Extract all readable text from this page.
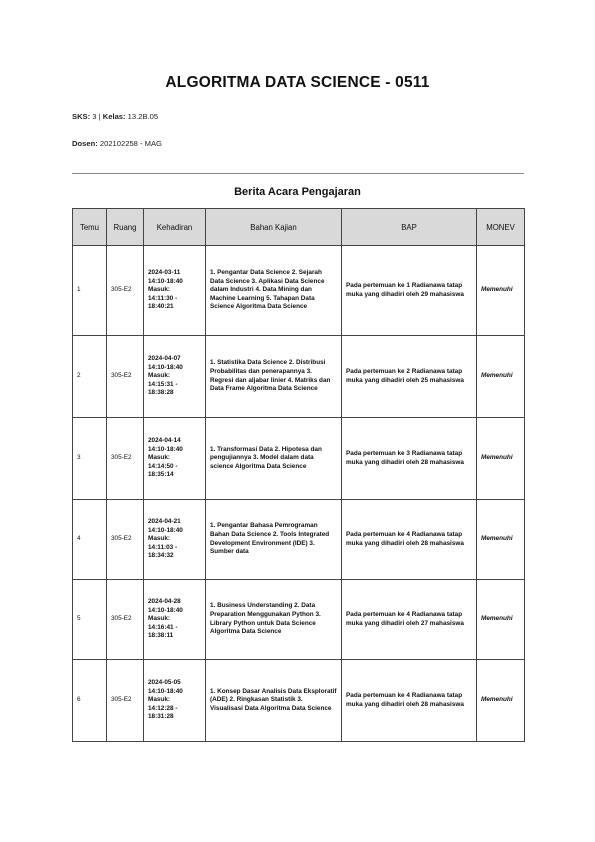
ALGORITMA DATA SCIENCE - 0511
SKS: 3 | Kelas: 13.2B.05
Dosen: 202102258 - MAG
Berita Acara Pengajaran
Temu	Ruang	Kehadiran	Bahan Kajian	BAP	MONEV
1	305-E2	2024-03-11
14:10-18:40
Masuk:
14:11:30 -
18:40:21	1. Pengantar Data Science 2. Sejarah Data Science 3. Aplikasi Data Science dalam Industri 4. Data Mining dan Machine Learning 5. Tahapan Data Science Algoritma Data Science	Pada pertemuan ke 1 Radianawa tatap muka yang dihadiri oleh 29 mahasiswa	Memenuhi
2	305-E2	2024-04-07
14:10-18:40
Masuk:
14:15:31 -
18:38:28	1. Statistika Data Science 2. Distribusi Probabilitas dan penerapannya 3. Regresi dan aljabar linier 4. Matriks dan Data Frame Algoritma Data Science	Pada pertemuan ke 2 Radianawa tatap muka yang dihadiri oleh 25 mahasiswa	Memenuhi
3	305-E2	2024-04-14
14:10-18:40
Masuk:
14:14:50 -
18:35:14	1. Transformasi Data 2. Hipotesa dan pengujiannya 3. Model dalam data science Algoritma Data Science	Pada pertemuan ke 3 Radianawa tatap muka yang dihadiri oleh 28 mahasiswa	Memenuhi
4	305-E2	2024-04-21
14:10-18:40
Masuk:
14:11:03 -
18:34:32	1. Pengantar Bahasa Pemrograman Bahan Data Science 2. Tools Integrated Development Environment (IDE) 3. Sumber data	Pada pertemuan ke 4 Radianawa tatap muka yang dihadiri oleh 28 mahasiswa	Memenuhi
5	305-E2	2024-04-28
14:10-18:40
Masuk:
14:16:41 -
18:38:11	1. Business Understanding 2. Data Preparation Menggunakan Python 3. Library Python untuk Data Science Algoritma Data Science	Pada pertemuan ke 4 Radianawa tatap muka yang dihadiri oleh 27 mahasiswa	Memenuhi
6	305-E2	2024-05-05
14:10-18:40
Masuk:
14:12:28 -
18:31:28	1. Konsep Dasar Analisis Data Eksploratif (ADE) 2. Ringkasan Statistik 3. Visualisasi Data Algoritma Data Science	Pada pertemuan ke 4 Radianawa tatap muka yang dihadiri oleh 28 mahasiswa	Memenuhi
